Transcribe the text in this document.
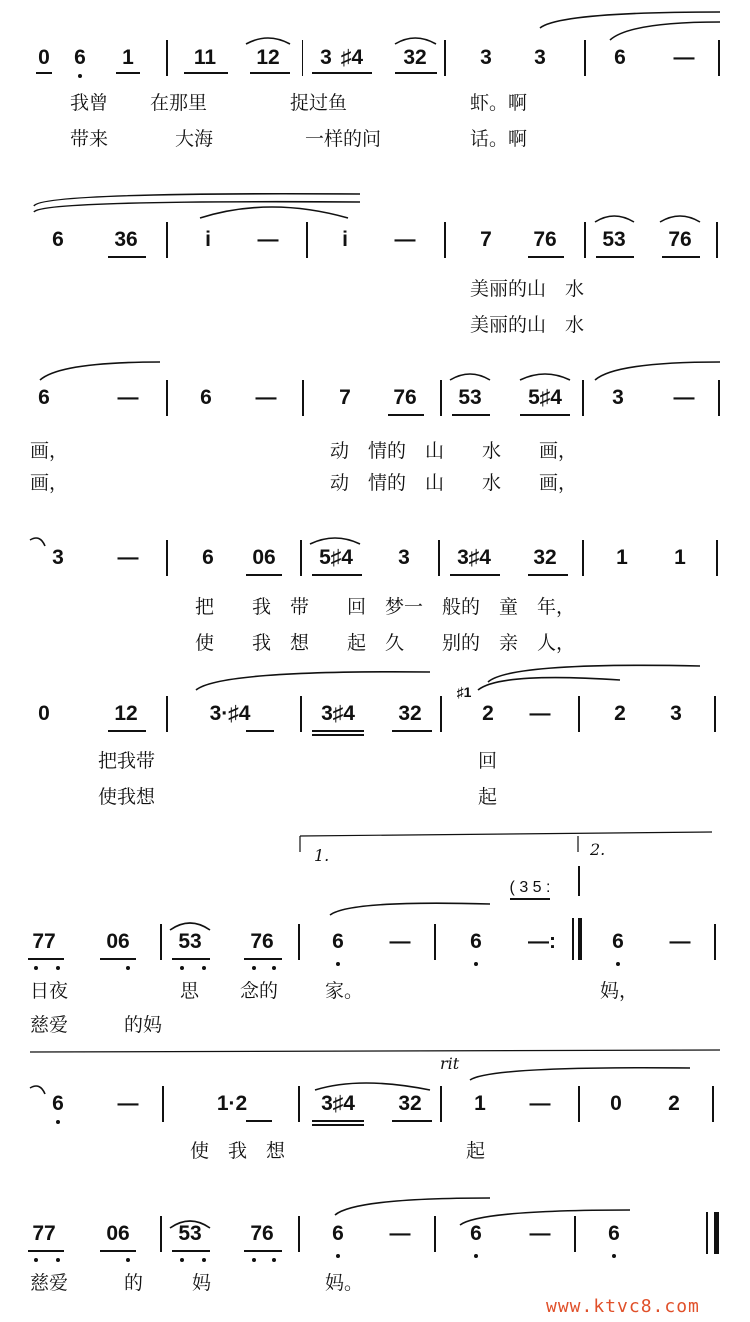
0 6 1	11 12 3 ♯4 32	3 3	6 —
我曾 在那里	捉过鱼	虾。啊
带来	大海	一样的问	话。啊
6 36	i —	i —	7 76 53 76
美丽的山　水
美丽的山　水
6	—	6 —	7 76 53 5♯4 3 —
画，	动　情的　山　　水　　画，
画，	动　情的　山　　水　　画，
3	—	6 06 5♯4 3 3♯4 32	1 1
把　　我　带　　回　梦一　般的　童　年，
使　　我　想　　起　久　　别的　亲　人，
0	12	3·♯4	3♯4 32
♯1
2 —	2 3
把我带	回
使我想	起
1.	2.
( 3 5 :
77 06 53 76	6 —	6 —:	6 —
日夜	思 念的 家。	妈，
慈爱	的妈
rit
6	—	1·2	3♯4 32 1 —	0 2
使　我　想	起
77 06 53 76	6 —	6 —	6
慈爱	的	妈	妈。
www.ktvc8.com
